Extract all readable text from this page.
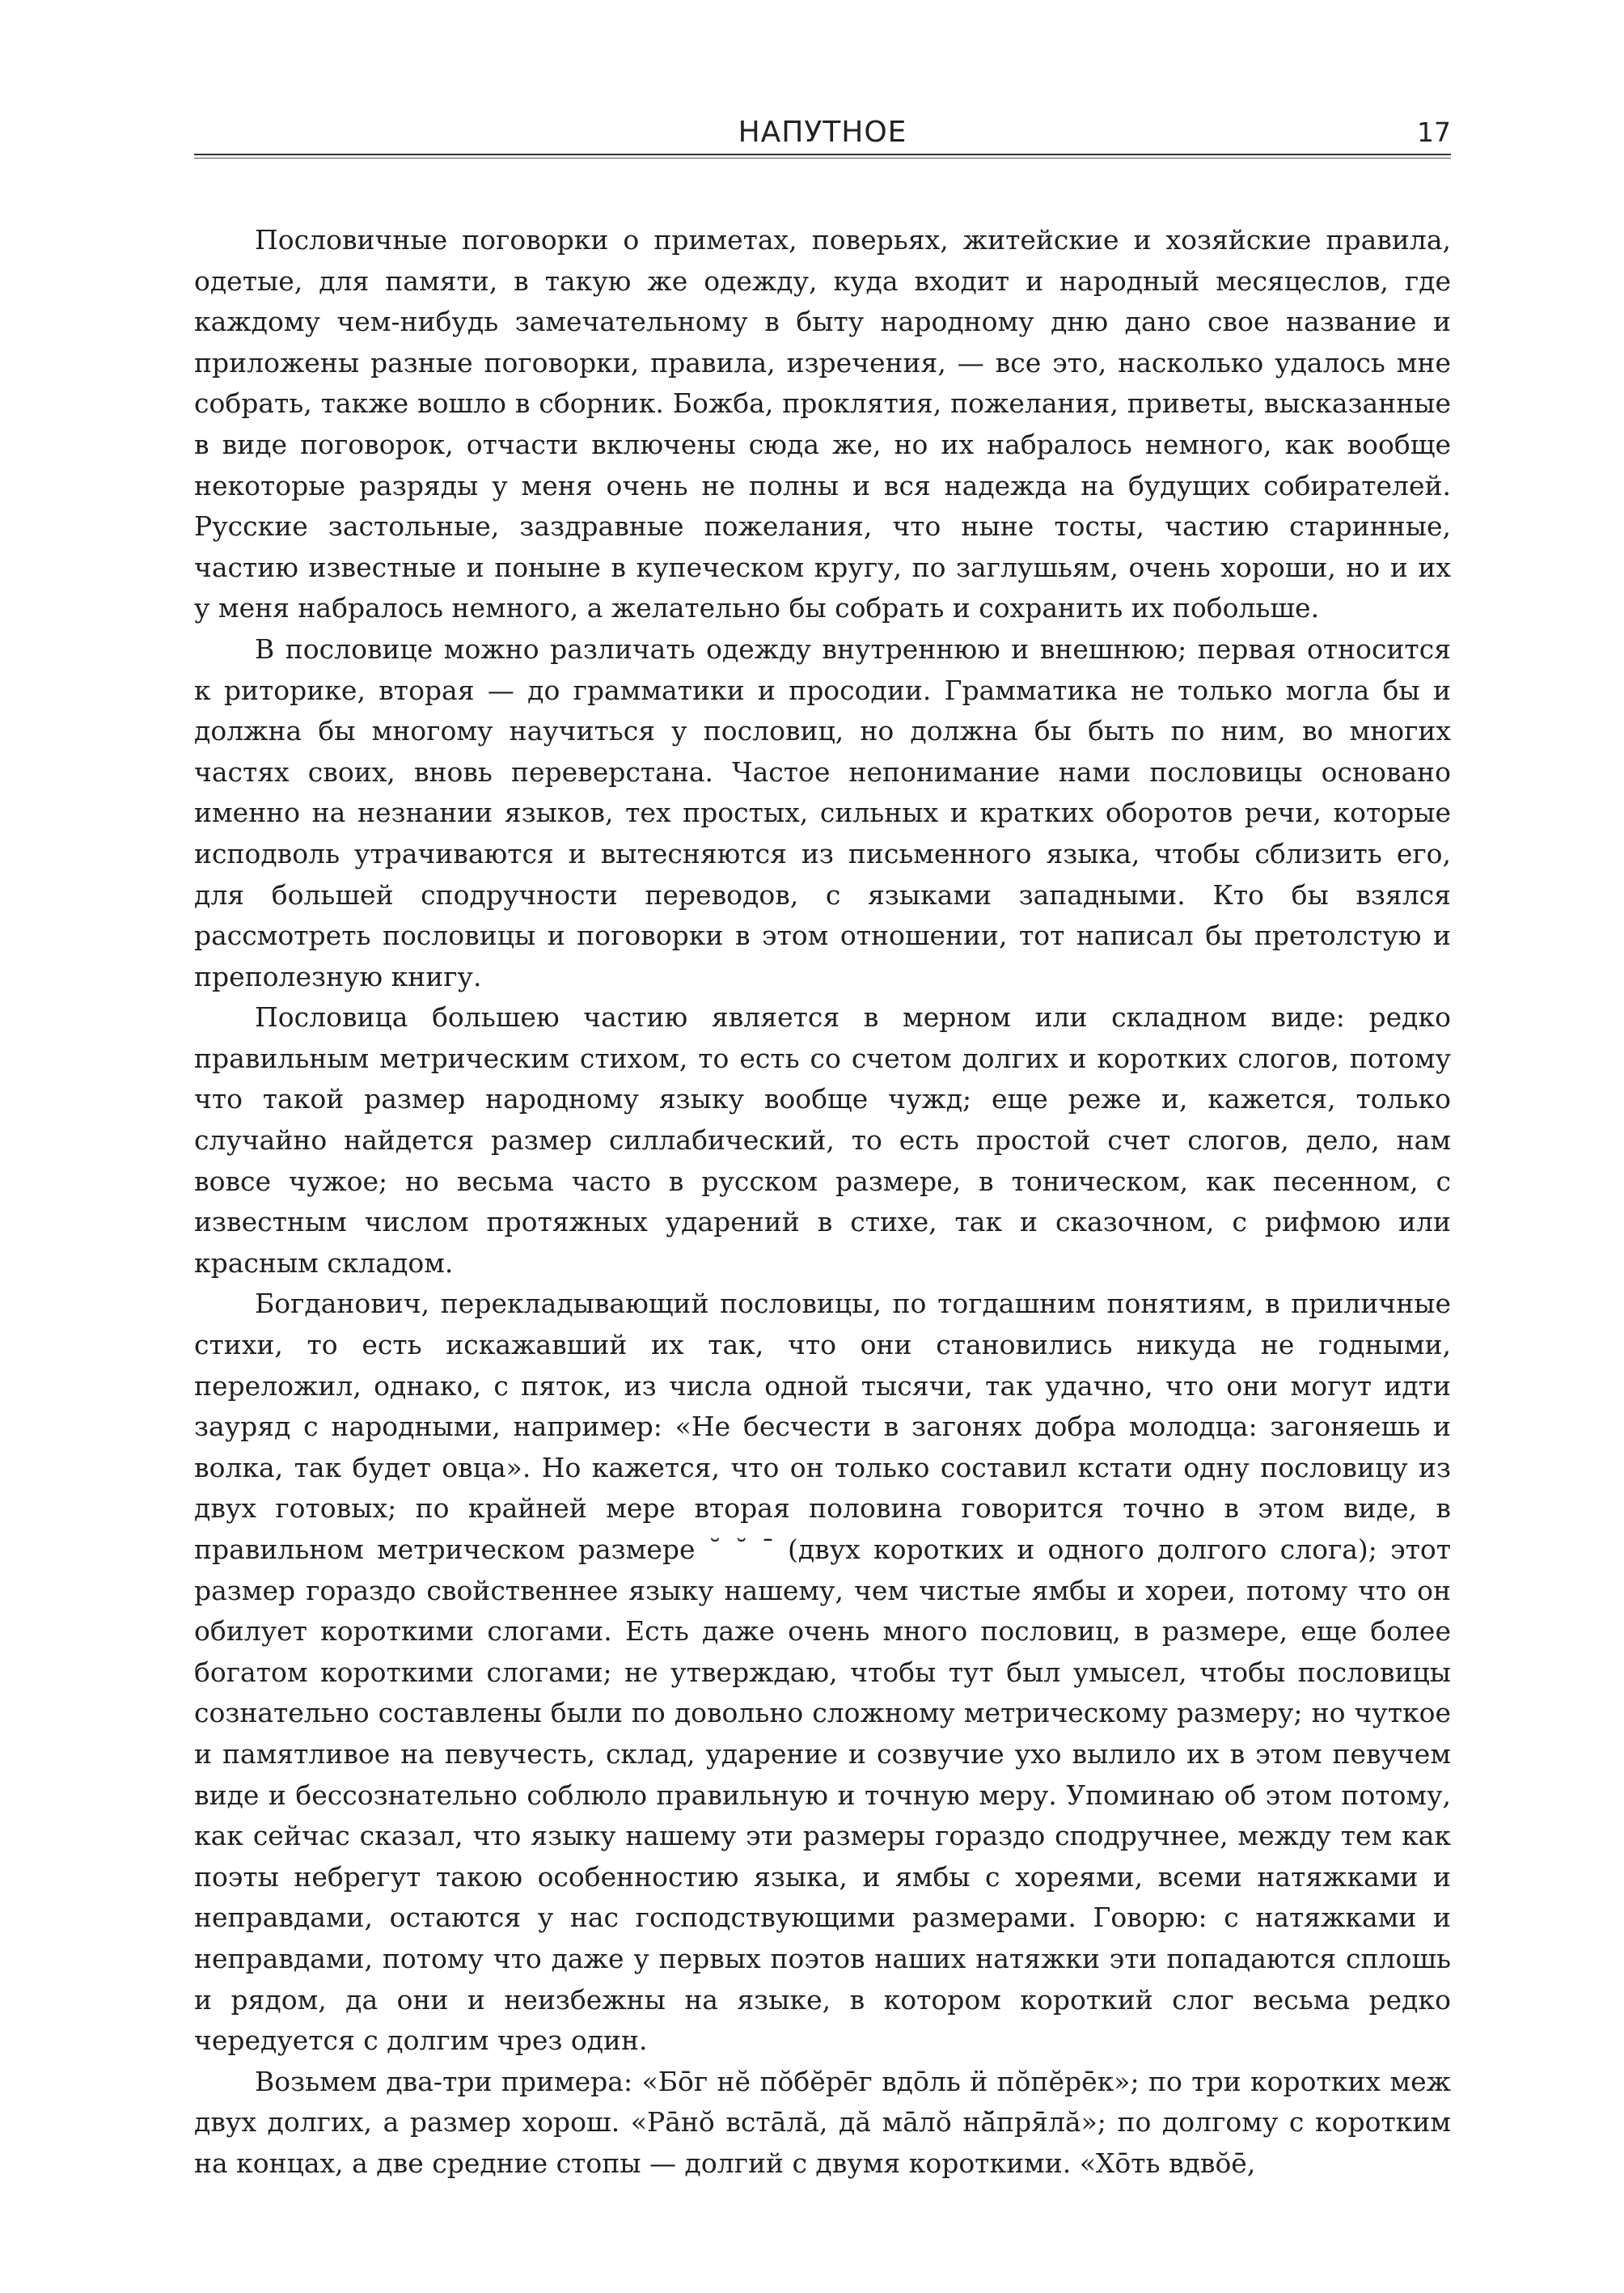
НАПУТНОЕ	17

Пословичные поговорки о приметах, поверьях, житейские и хозяйские правила, одетые, для памяти, в такую же одежду, куда входит и народный месяцеслов, где каждому чем-нибудь замечательному в быту народному дню дано свое название и приложены разные поговорки, правила, изречения, — все это, насколько удалось мне собрать, также вошло в сборник. Божба, проклятия, пожелания, приветы, высказанные в виде поговорок, отчасти включены сюда же, но их набралось немного, как вообще некоторые разряды у меня очень не полны и вся надежда на будущих собирателей. Русские застольные, заздравные пожелания, что ныне тосты, частию старинные, частию известные и поныне в купеческом кругу, по заглушьям, очень хороши, но и их у меня набралось немного, а желательно бы собрать и сохранить их побольше.

В пословице можно различать одежду внутреннюю и внешнюю; первая относится к риторике, вторая — до грамматики и просодии. Грамматика не только могла бы и должна бы многому научиться у пословиц, но должна бы быть по ним, во многих частях своих, вновь переверстана. Частое непонимание нами пословицы основано именно на незнании языков, тех простых, сильных и кратких оборотов речи, которые исподволь утрачиваются и вытесняются из письменного языка, чтобы сблизить его, для большей сподручности переводов, с языками западными. Кто бы взялся рассмотреть пословицы и поговорки в этом отношении, тот написал бы претолстую и преполезную книгу.

Пословица большею частию является в мерном или складном виде: редко правильным метрическим стихом, то есть со счетом долгих и коротких слогов, потому что такой размер народному языку вообще чужд; еще реже и, кажется, только случайно найдется размер силлабический, то есть простой счет слогов, дело, нам вовсе чужое; но весьма часто в русском размере, в тоническом, как песенном, с известным числом протяжных ударений в стихе, так и сказочном, с рифмою или красным складом.

Богданович, перекладывающий пословицы, по тогдашним понятиям, в приличные стихи, то есть искажавший их так, что они становились никуда не годными, переложил, однако, с пяток, из числа одной тысячи, так удачно, что они могут идти зауряд с народными, например: «Не бесчести в загонях добра молодца: загоняешь и волка, так будет овца». Но кажется, что он только составил кстати одну пословицу из двух готовых; по крайней мере вторая половина говорится точно в этом виде, в правильном метрическом размере ˘ ˘ ¯ (двух коротких и одного долгого слога); этот размер гораздо свойственнее языку нашему, чем чистые ямбы и хореи, потому что он обилует короткими слогами. Есть даже очень много пословиц, в размере, еще более богатом короткими слогами; не утверждаю, чтобы тут был умысел, чтобы пословицы сознательно составлены были по довольно сложному метрическому размеру; но чуткое и памятливое на певучесть, склад, ударение и созвучие ухо вылило их в этом певучем виде и бессознательно соблюло правильную и точную меру. Упоминаю об этом потому, как сейчас сказал, что языку нашему эти размеры гораздо сподручнее, между тем как поэты небрегут такою особенностию языка, и ямбы с хореями, всеми натяжками и неправдами, остаются у нас господствующими размерами. Говорю: с натяжками и неправдами, потому что даже у первых поэтов наших натяжки эти попадаются сплошь и рядом, да они и неизбежны на языке, в котором короткий слог весьма редко чередуется с долгим чрез один.

Возьмем два-три примера: «Бо̄г нĕ пŏбĕре̄г вдо̄ль ӥ пŏпĕре̄к»; по три коротких меж двух долгих, а размер хорош. «Ра̄нŏ вста̄лă, дă ма̄лŏ нă̆пря̄лă»; по долгому с коротким на концах, а две средние стопы — долгий с двумя короткими. «Хо̄ть вдвŏе̄,
